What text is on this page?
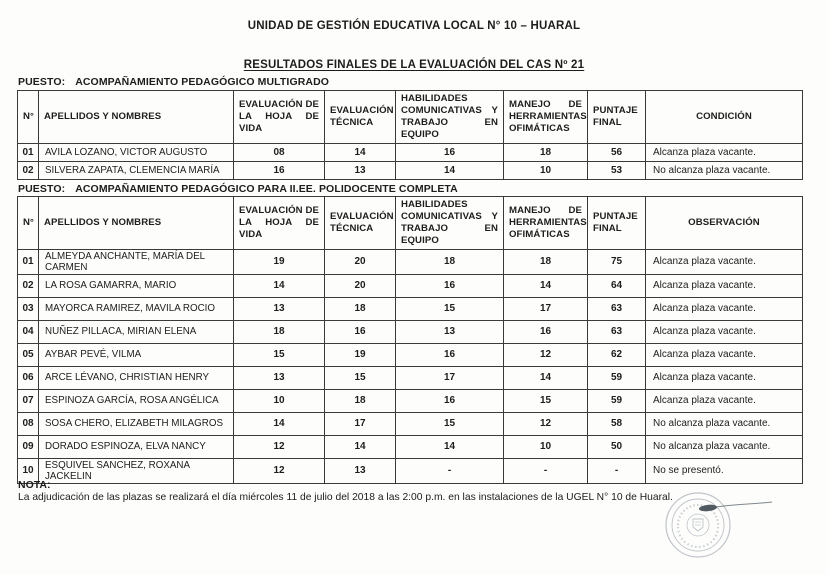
UNIDAD DE GESTIÓN EDUCATIVA LOCAL N° 10 – HUARAL

RESULTADOS FINALES DE LA EVALUACIÓN DEL CAS Nº 21
PUESTO: ACOMPAÑAMIENTO PEDAGÓGICO MULTIGRADO
N°	APELLIDOS Y NOMBRES	EVALUACIÓN DE LA HOJA DE VIDA	EVALUACIÓN TÉCNICA	HABILIDADES COMUNICATIVAS Y TRABAJO EN EQUIPO	MANEJO DE HERRAMIENTAS OFIMÁTICAS	PUNTAJE FINAL	CONDICIÓN
01	AVILA LOZANO, VICTOR AUGUSTO	08	14	16	18	56	Alcanza plaza vacante.
02	SILVERA ZAPATA, CLEMENCIA MARÍA	16	13	14	10	53	No alcanza plaza vacante.
PUESTO: ACOMPAÑAMIENTO PEDAGÓGICO PARA II.EE. POLIDOCENTE COMPLETA
N°	APELLIDOS Y NOMBRES	EVALUACIÓN DE LA HOJA DE VIDA	EVALUACIÓN TÉCNICA	HABILIDADES COMUNICATIVAS Y TRABAJO EN EQUIPO	MANEJO DE HERRAMIENTAS OFIMÁTICAS	PUNTAJE FINAL	OBSERVACIÓN
01	ALMEYDA ANCHANTE, MARÍA DEL CARMEN	19	20	18	18	75	Alcanza plaza vacante.
02	LA ROSA GAMARRA, MARIO	14	20	16	14	64	Alcanza plaza vacante.
03	MAYORCA RAMIREZ, MAVILA ROCIO	13	18	15	17	63	Alcanza plaza vacante.
04	NUÑEZ PILLACA, MIRIAN ELENA	18	16	13	16	63	Alcanza plaza vacante.
05	AYBAR PEVÉ, VILMA	15	19	16	12	62	Alcanza plaza vacante.
06	ARCE LÉVANO, CHRISTIAN HENRY	13	15	17	14	59	Alcanza plaza vacante.
07	ESPINOZA GARCÍA, ROSA ANGÉLICA	10	18	16	15	59	Alcanza plaza vacante.
08	SOSA CHERO, ELIZABETH MILAGROS	14	17	15	12	58	No alcanza plaza vacante.
09	DORADO ESPINOZA, ELVA NANCY	12	14	14	10	50	No alcanza plaza vacante.
10	ESQUIVEL SANCHEZ, ROXANA JACKELIN	12	13	-	-	-	No se presentó.
NOTA:
La adjudicación de las plazas se realizará el día miércoles 11 de julio del 2018 a las 2:00 p.m. en las instalaciones de la UGEL N° 10 de Huaral.
